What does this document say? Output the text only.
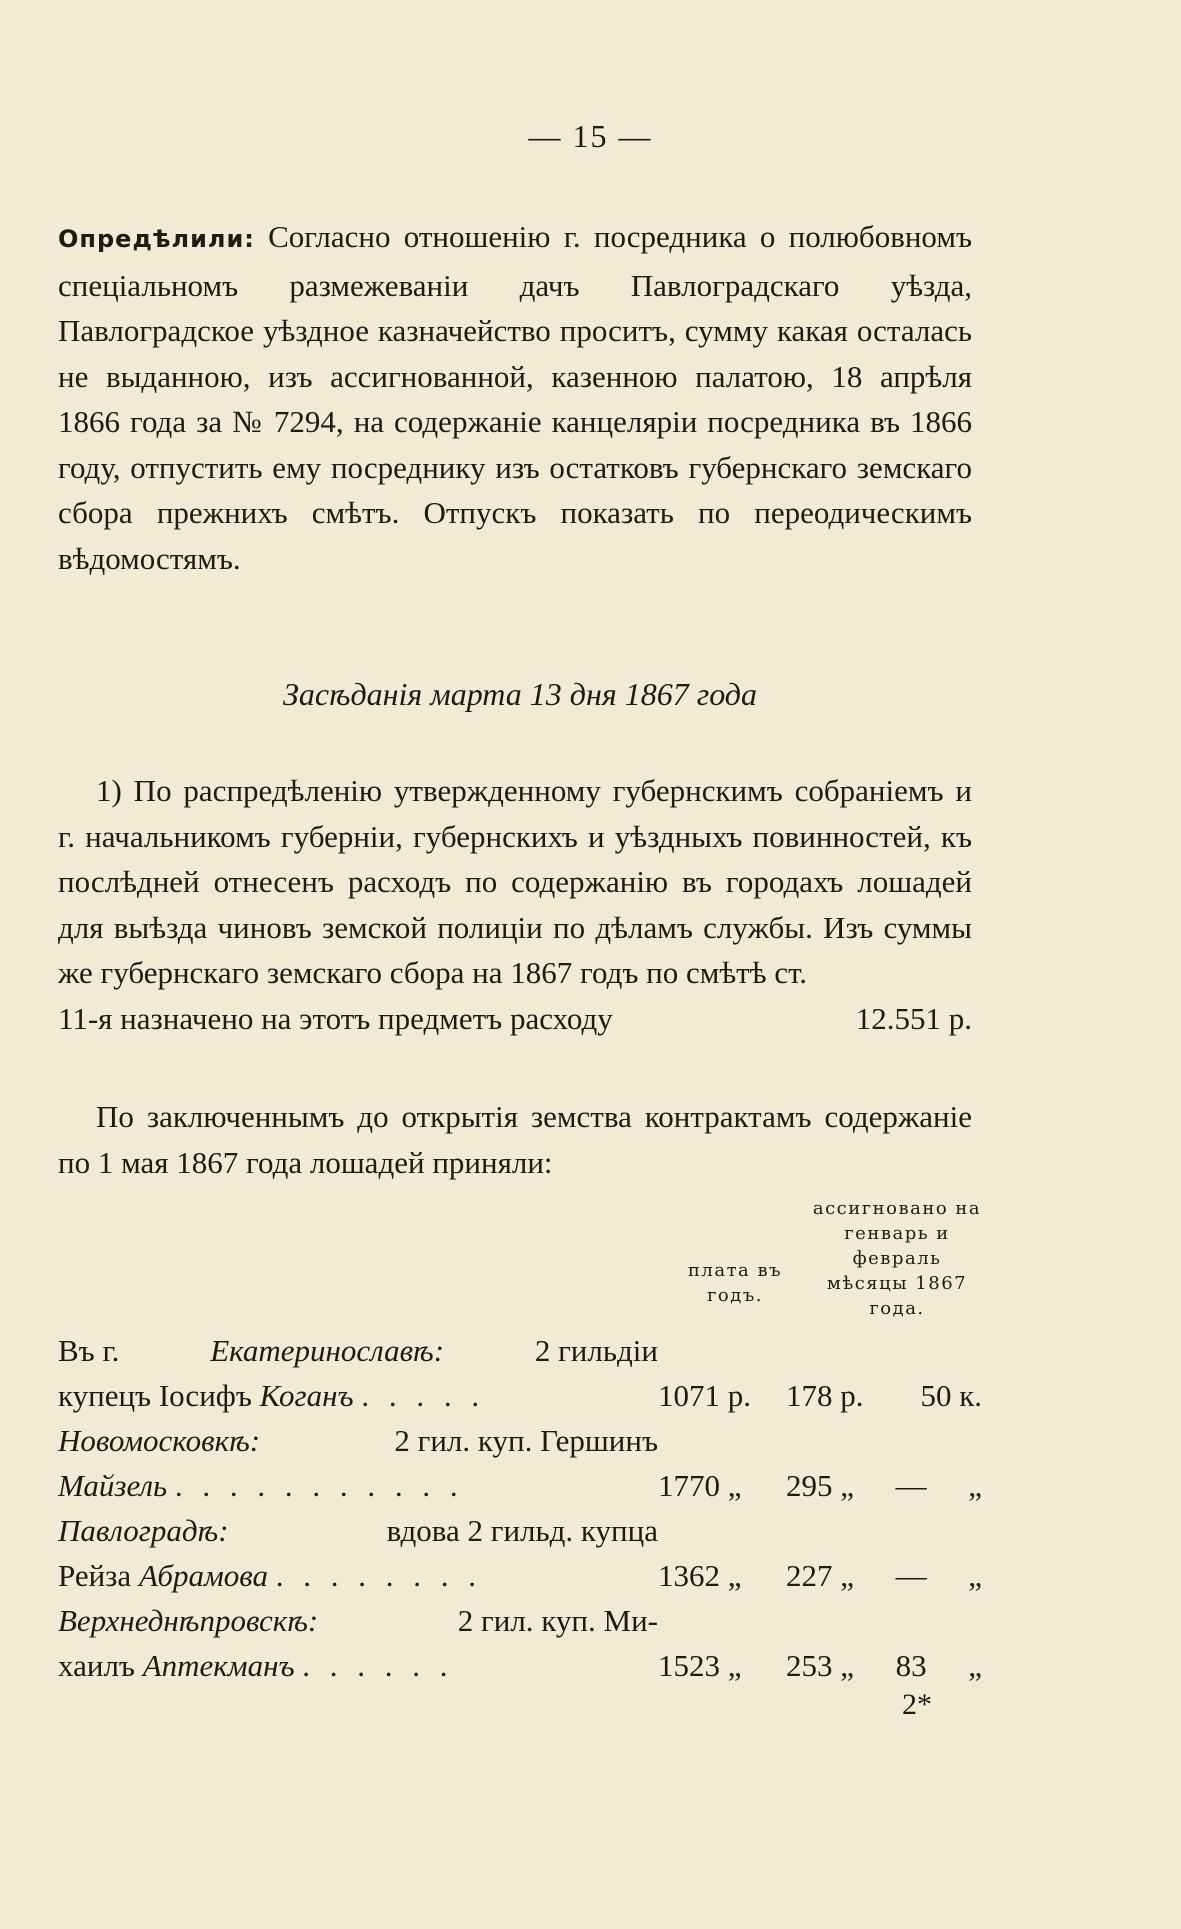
— 15 —

Опредѣлили: Согласно отношенію г. посредника о полюбовномъ спеціальномъ размежеваніи дачъ Павлоградскаго уѣзда, Павлоградское уѣздное казначейство проситъ, сумму какая осталась не выданною, изъ ассигнованной, казенною палатою, 18 апрѣля 1866 года за № 7294, на содержаніе канцеляріи посредника въ 1866 году, отпустить ему посреднику изъ остатковъ губернскаго земскаго сбора прежнихъ смѣтъ. Отпускъ показать по переодическимъ вѣдомостямъ.

Засѣданія марта 13 дня 1867 года

1) По распредѣленію утвержденному губернскимъ собраніемъ и г. начальникомъ губерніи, губернскихъ и уѣздныхъ повинностей, къ послѣдней отнесенъ расходъ по содержанію въ городахъ лошадей для выѣзда чиновъ земской полиціи по дѣламъ службы. Изъ суммы же губернскаго земскаго сбора на 1867 годъ по смѣтѣ ст.

11-я назначено на этотъ предметъ расходу	12.551 р.

По заключеннымъ до открытія земства контрактамъ содержаніе по 1 мая 1867 года лошадей приняли:

плата въ годъ.
ассигновано на генварь и февраль мѣсяцы 1867 года.
Въ г.	Екатеринославѣ:	2 гильдіи
купецъ Іосифъ Коганъ . . . . .	1071 р.	178 р. 50 к.
Новомосковкѣ:	2 гил. куп. Гершинъ
Майзель . . . . . . . . . . .	1770 „	295 „ — „
Павлоградѣ:	вдова 2 гильд. купца
Рейза Абрамова . . . . . . . .	1362 „	227 „ — „
Верхнеднѣпровскѣ:	2 гил. куп. Ми-
хаилъ Аптекманъ . . . . . .	1523 „	253 „ 83 „
2*
